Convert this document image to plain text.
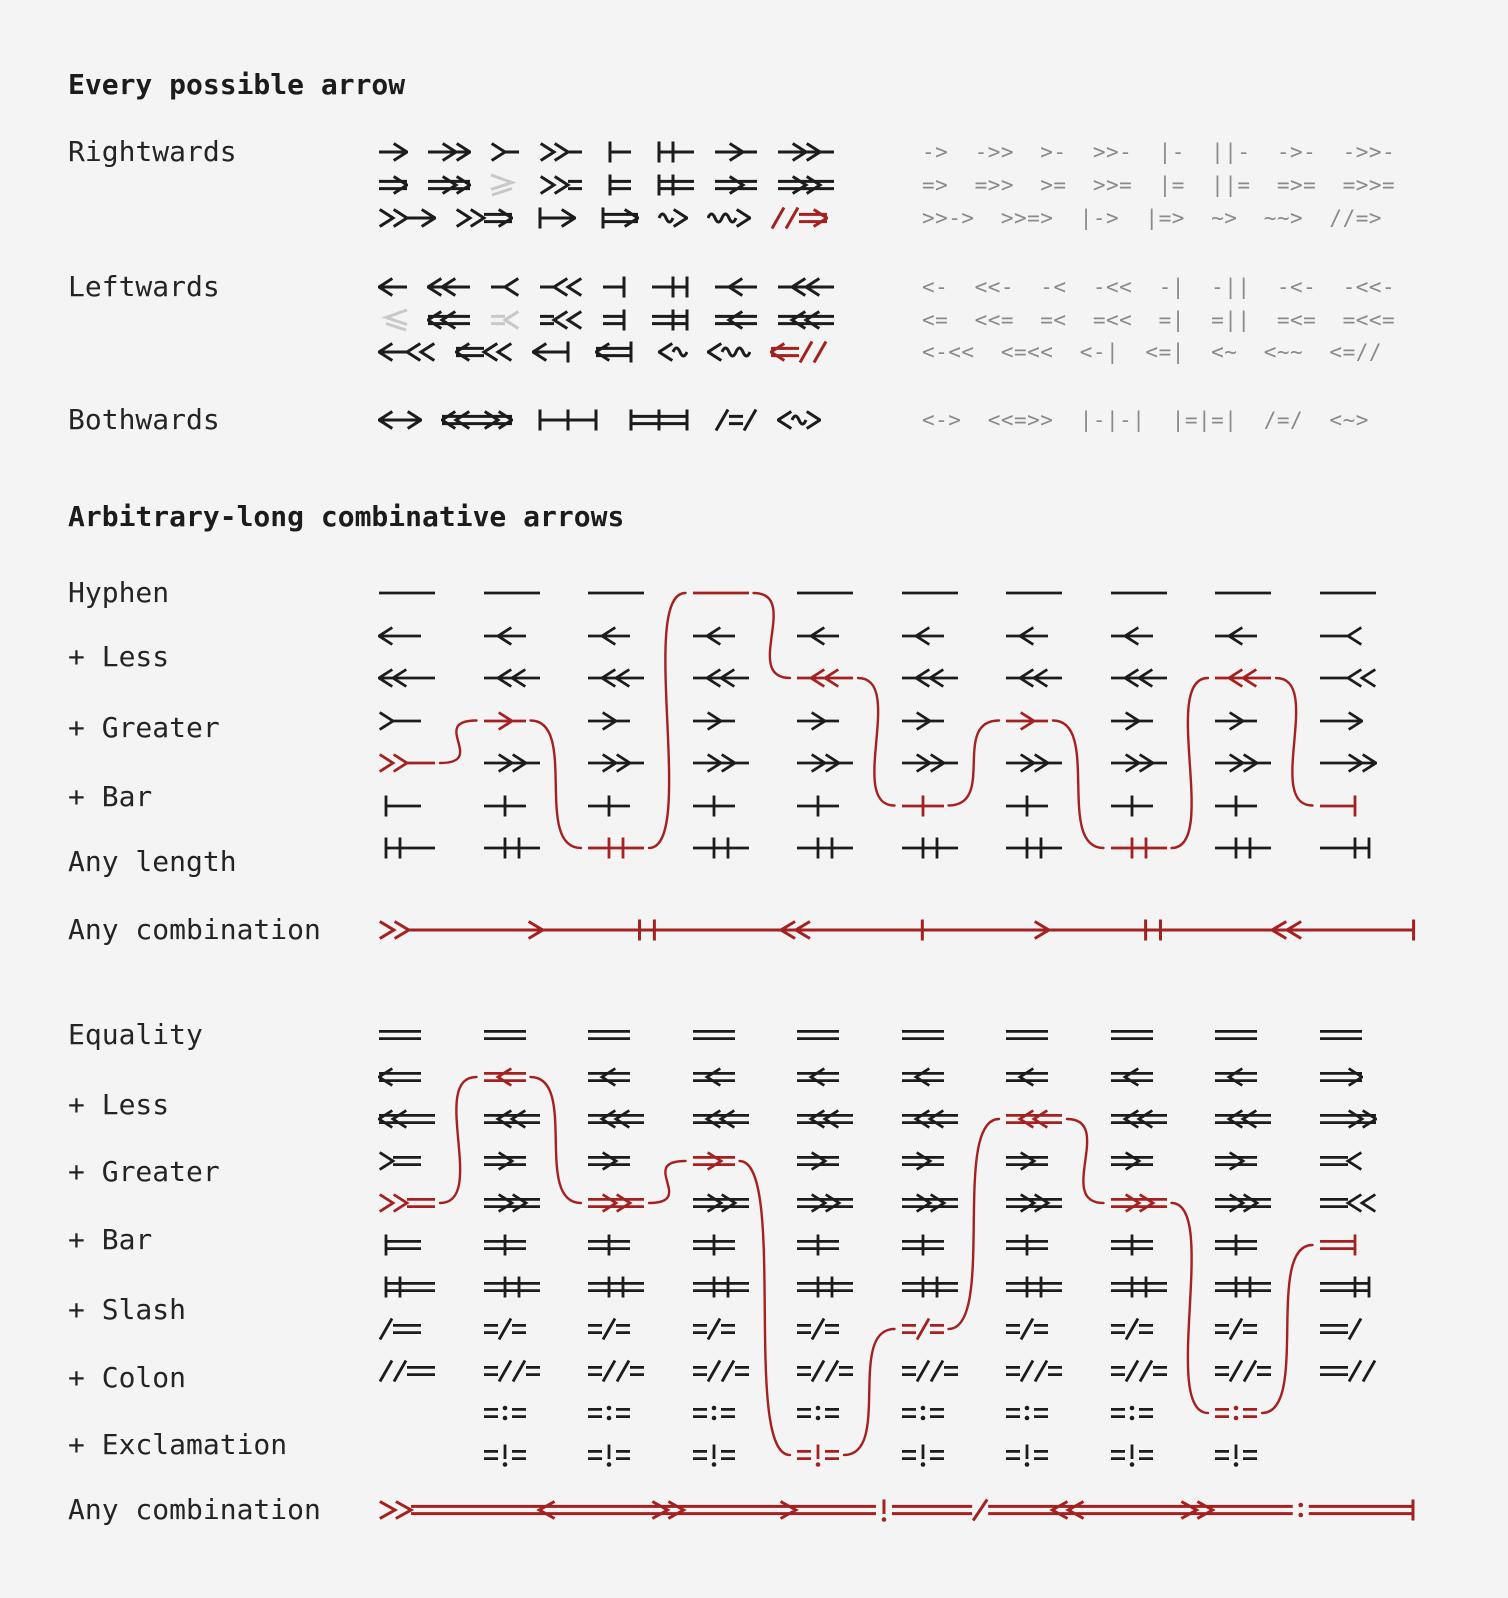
Every possible arrow
Arbitrary-long combinative arrows
Rightwards	->  ->>  >-  >>-  |-  ||-  ->-  ->>-
=>  =>>  >=  >>=  |=  ||=  =>=  =>>=
>>->  >>=>  |->  |=>  ~>  ~~>  //=>
Leftwards	<-  <<-  -<  -<<  -|  -||  -<-  -<<-
<=  <<=  =<  =<<  =|  =||  =<=  =<<=
<-<<  <=<<  <-|  <=|  <~  <~~  <=//
Bothwards	<->  <<=>>  |-|-|  |=|=|  /=/  <~>
Hyphen
+ Less
+ Greater
+ Bar
Any length
Any combination
Equality
+ Less
+ Greater
+ Bar
+ Slash
+ Colon
+ Exclamation
Any combination
